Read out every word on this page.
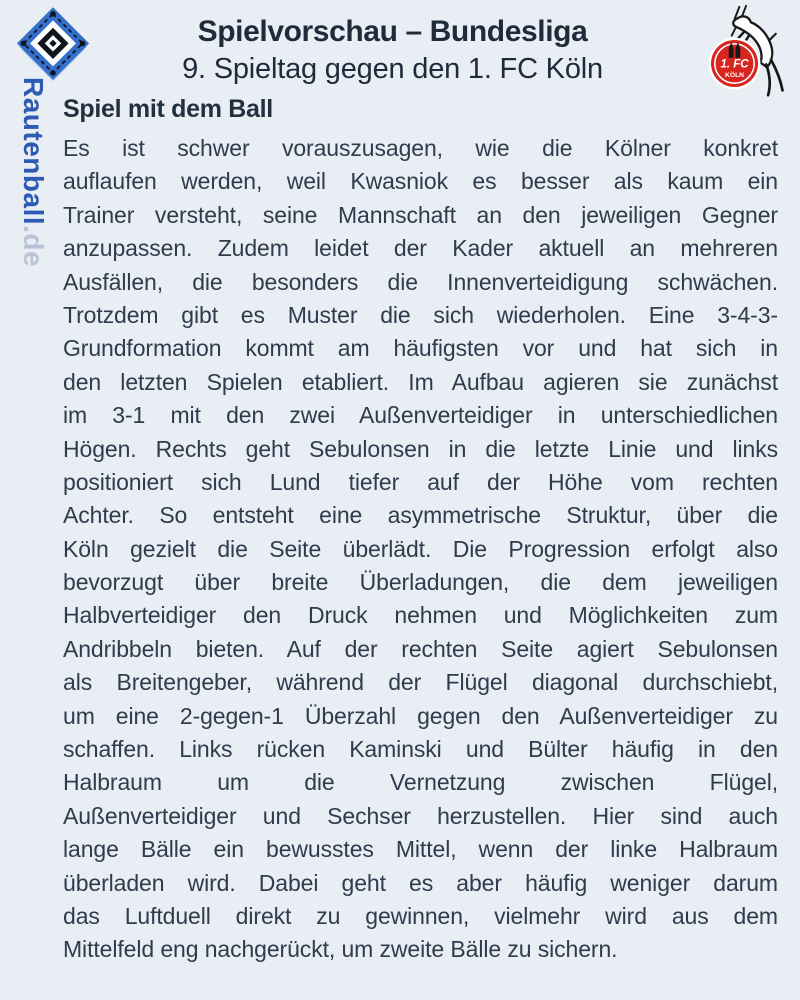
Spielvorschau – Bundesliga
9. Spieltag gegen den 1. FC Köln	1. FC
KÖLN
Rautenball.de
Spiel mit dem Ball
Es ist schwer vorauszusagen, wie die Kölner konkret
auflaufen werden, weil Kwasniok es besser als kaum ein
Trainer versteht, seine Mannschaft an den jeweiligen Gegner
anzupassen. Zudem leidet der Kader aktuell an mehreren
Ausfällen, die besonders die Innenverteidigung schwächen.
Trotzdem gibt es Muster die sich wiederholen. Eine 3-4-3-
Grundformation kommt am häufigsten vor und hat sich in
den letzten Spielen etabliert. Im Aufbau agieren sie zunächst
im 3-1 mit den zwei Außenverteidiger in unterschiedlichen
Högen. Rechts geht Sebulonsen in die letzte Linie und links
positioniert sich Lund tiefer auf der Höhe vom rechten
Achter. So entsteht eine asymmetrische Struktur, über die
Köln gezielt die Seite überlädt. Die Progression erfolgt also
bevorzugt über breite Überladungen, die dem jeweiligen
Halbverteidiger den Druck nehmen und Möglichkeiten zum
Andribbeln bieten. Auf der rechten Seite agiert Sebulonsen
als Breitengeber, während der Flügel diagonal durchschiebt,
um eine 2-gegen-1 Überzahl gegen den Außenverteidiger zu
schaffen. Links rücken Kaminski und Bülter häufig in den
Halbraum um die Vernetzung zwischen Flügel,
Außenverteidiger und Sechser herzustellen. Hier sind auch
lange Bälle ein bewusstes Mittel, wenn der linke Halbraum
überladen wird. Dabei geht es aber häufig weniger darum
das Luftduell direkt zu gewinnen, vielmehr wird aus dem
Mittelfeld eng nachgerückt, um zweite Bälle zu sichern.
